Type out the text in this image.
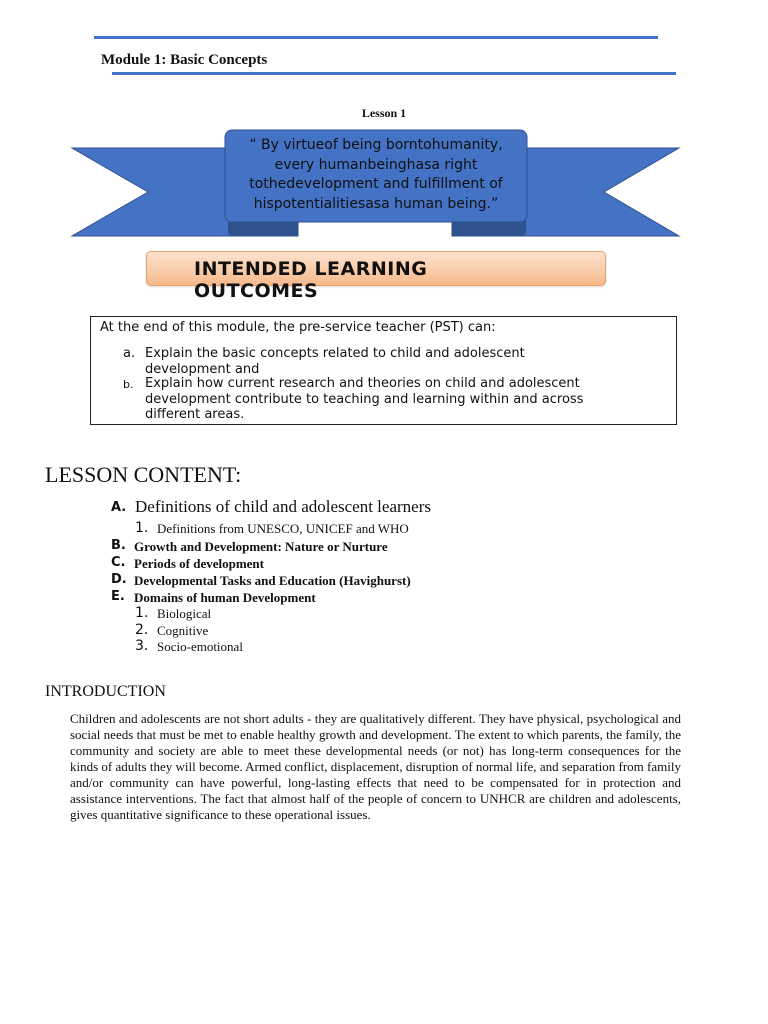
Module 1: Basic Concepts
Lesson 1
“ By virtueof being borntohumanity,
every humanbeinghasa right
tothedevelopment and fulfillment of
hispotentialitiesasa human being.”
INTENDED LEARNING OUTCOMES
At the end of this module, the pre-service teacher (PST) can:
a. Explain the basic concepts related to child and adolescent
development and
b. Explain how current research and theories on child and adolescent
development contribute to teaching and learning within and across
different areas.
LESSON CONTENT:
A. Definitions of child and adolescent learners
1. Definitions from UNESCO, UNICEF and WHO
B. Growth and Development: Nature or Nurture
C. Periods of development
D. Developmental Tasks and Education (Havighurst)
E. Domains of human Development
1. Biological
2. Cognitive
3. Socio-emotional
INTRODUCTION
Children and adolescents are not short adults - they are qualitatively different. They have physical, psychological and social needs that must be met to enable healthy growth and development. The extent to which parents, the family, the community and society are able to meet these developmental needs (or not) has long-term consequences for the kinds of adults they will become. Armed conflict, displacement, disruption of normal life, and separation from family and/or community can have powerful, long-lasting effects that need to be compensated for in protection and assistance interventions. The fact that almost half of the people of concern to UNHCR are children and adolescents, gives quantitative significance to these operational issues.
